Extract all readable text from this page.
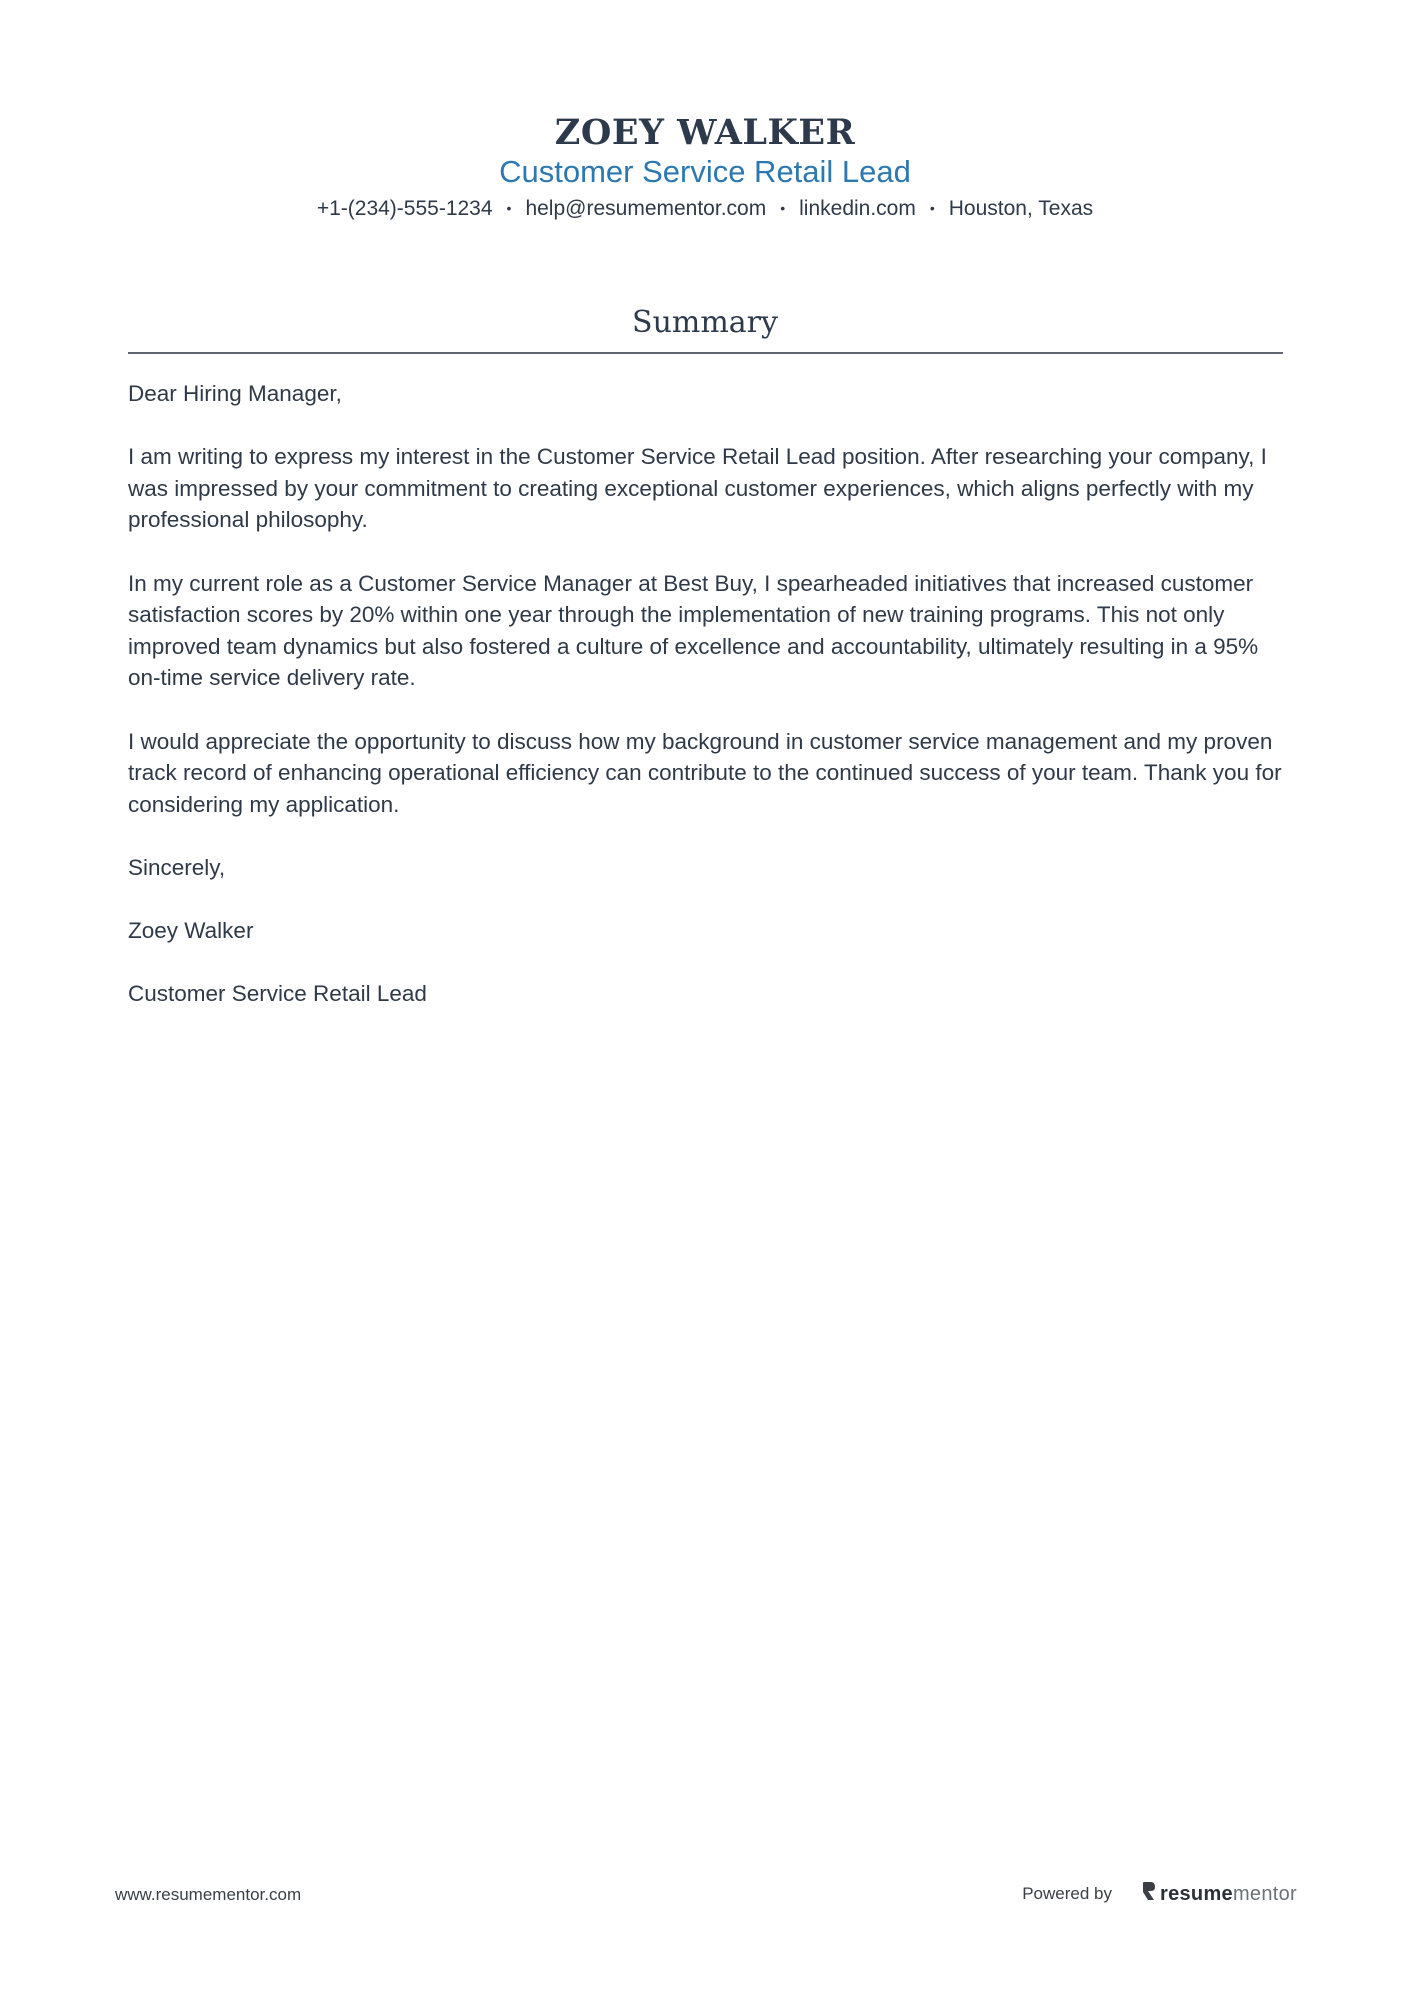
ZOEY WALKER
Customer Service Retail Lead
+1-(234)-555-1234 • help@resumementor.com • linkedin.com • Houston, Texas
Summary

Dear Hiring Manager,

I am writing to express my interest in the Customer Service Retail Lead position. After researching your company, I was impressed by your commitment to creating exceptional customer experiences, which aligns perfectly with my professional philosophy.

In my current role as a Customer Service Manager at Best Buy, I spearheaded initiatives that increased customer satisfaction scores by 20% within one year through the implementation of new training programs. This not only improved team dynamics but also fostered a culture of excellence and accountability, ultimately resulting in a 95% on-time service delivery rate.

I would appreciate the opportunity to discuss how my background in customer service management and my proven track record of enhancing operational efficiency can contribute to the continued success of your team. Thank you for considering my application.

Sincerely,

Zoey Walker

Customer Service Retail Lead

www.resumementor.com	Powered by resume mentor
